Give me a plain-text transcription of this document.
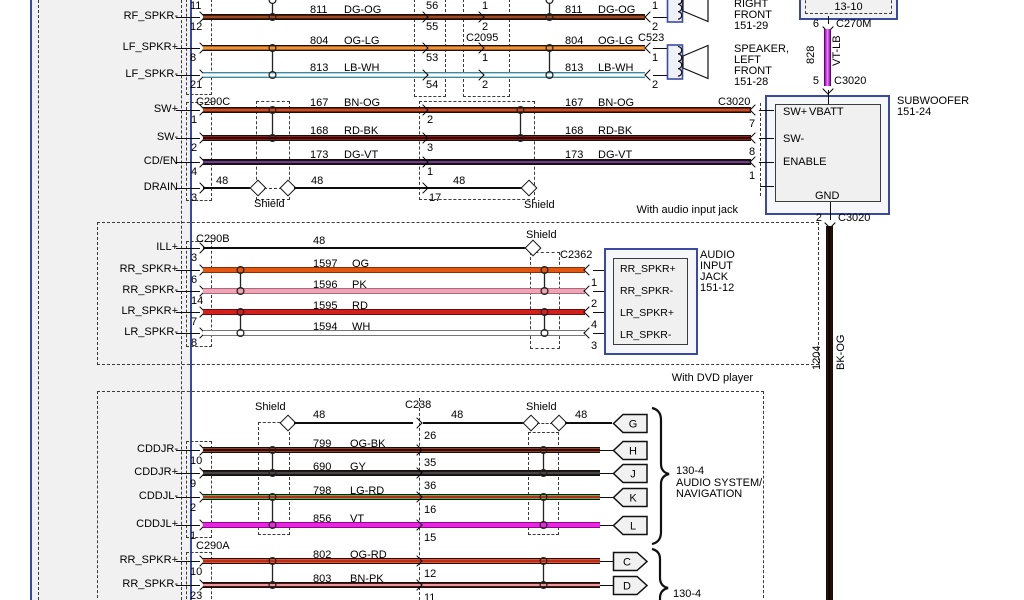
With audio input jack
With DVD player
13-10
SW+ VBATT
SW-
ENABLE
GND
SUBWOOFER
151-24
RR_SPKR+
RR_SPKR-
LR_SPKR+
LR_SPKR-
AUDIO
INPUT
JACK
151-12
RIGHT
FRONT
151-29
SPEAKER,
LEFT
FRONT
151-28
130-4
AUDIO SYSTEM/
NAVIGATION
130-4
11	56	1	1
RF_SPKR-	811 DG-OG	811 DG-OG
12	55	2	2
LF_SPKR+	804 OG-LG	804 OG-LG
8	53	1	1
LF_SPKR-	813 LB-WH	813 LB-WH
21	54	2	2
C2095	C523
SW+
1
167 BN-OG	167 BN-OG
2	7
SW-
2
168 RD-BK	168 RD-BK
3	8
CD/EN
4
173 DG-VT	173 DG-VT
1	1
DRAIN
3	17
48	48	48
Shield	Shield
C290C	C3020
6 C270M
5 C3020
828 VT-LB
2 C3020
1204 BK-OG
ILL+
3
48	Shield
RR_SPKR+
6
1597 OG
1
RR_SPKR-
14
1596 PK
2
LR_SPKR+
7
1595 RD
4
LR_SPKR-
8
1594 WH
3
C290B
C2362
Shield
48
26
48
Shield
48
G
CDDJR-
10
799 OG-BK
35
H
CDDJR+
9
690 GY
36
J
CDDJL-
2
798 LG-RD
16
K
CDDJL+
1
856 VT
15
L
RR_SPKR+
10
802 OG-RD
12
C
RR_SPKR-
23
803 BN-PK
11
D
C238
C290A
